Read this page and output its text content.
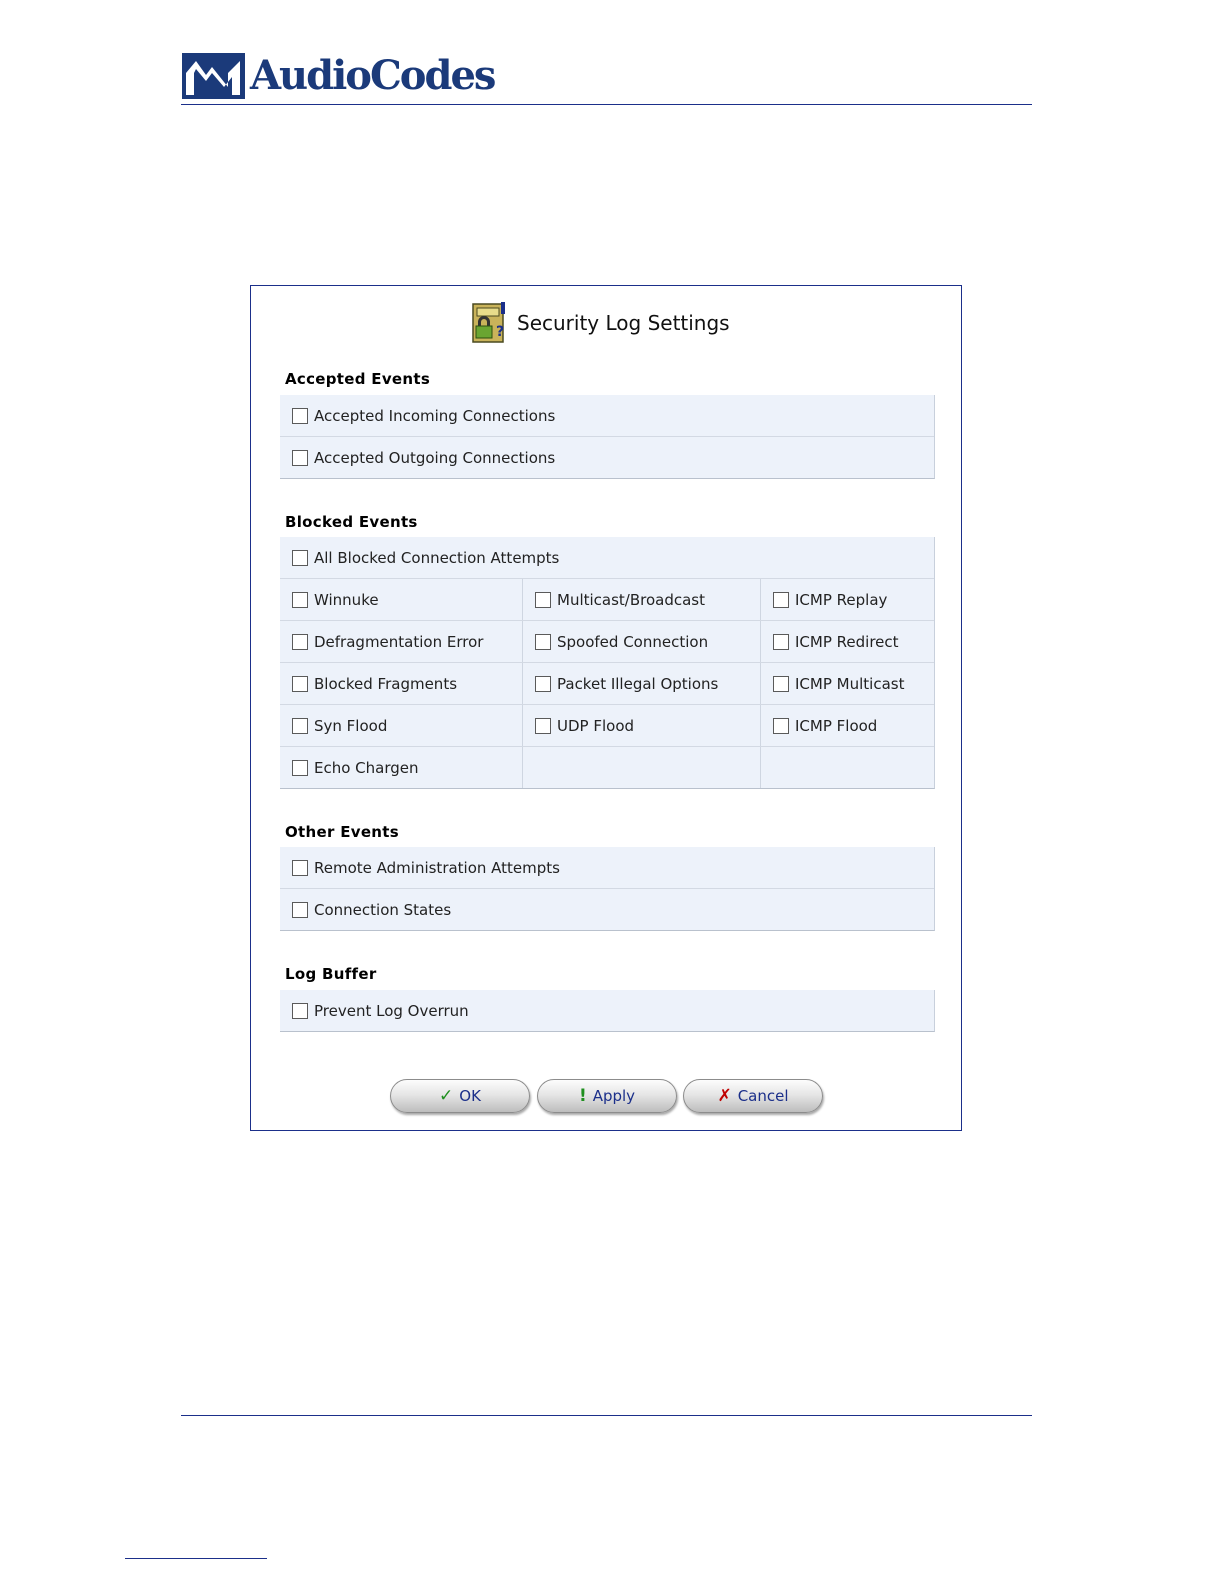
AudioCodes
? Security Log Settings
Accepted Events
Accepted Incoming Connections
Accepted Outgoing Connections
Blocked Events
All Blocked Connection Attempts
Winnuke	Multicast/Broadcast	ICMP Replay
Defragmentation Error	Spoofed Connection	ICMP Redirect
Blocked Fragments	Packet Illegal Options	ICMP Multicast
Syn Flood	UDP Flood	ICMP Flood
Echo Chargen
Other Events
Remote Administration Attempts
Connection States
Log Buffer
Prevent Log Overrun
✓ OK	! Apply	✗ Cancel
